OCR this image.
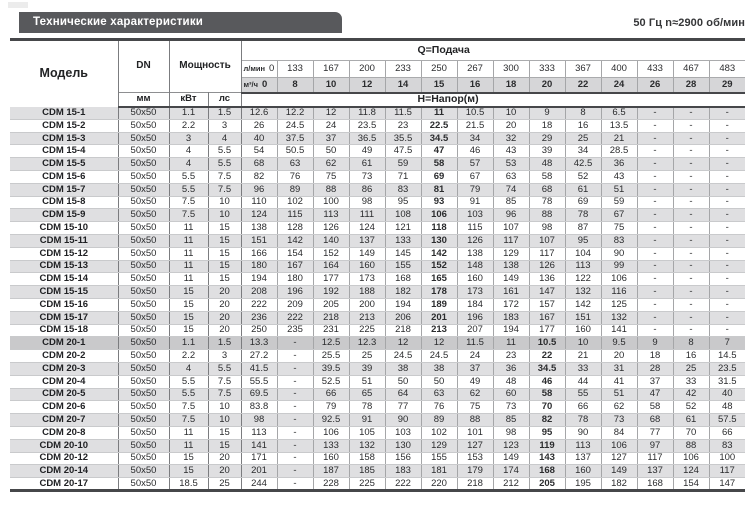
Технические характеристики	50 Гц n≈2900 об/мин
Модель	DN	Мощность		Q=Подача													
				л/мин 0	133	167	200	233	250	267	300	333	367	400	433	467	483
				м³/ч 0	8	10	12	14	15	16	18	20	22	24	26	28	29
	мм	кВт	лс	H=Напор(м)													
CDM 15-1	50x50	1.1	1.5	12.6	12.2	12	11.8	11.5	11	10.5	10	9	8	6.5	-	-	-
CDM 15-2	50x50	2.2	3	26	24.5	24	23.5	23	22.5	21.5	20	18	16	13.5	-	-	-
CDM 15-3	50x50	3	4	40	37.5	37	36.5	35.5	34.5	34	32	29	25	21	-	-	-
CDM 15-4	50x50	4	5.5	54	50.5	50	49	47.5	47	46	43	39	34	28.5	-	-	-
CDM 15-5	50x50	4	5.5	68	63	62	61	59	58	57	53	48	42.5	36	-	-	-
CDM 15-6	50x50	5.5	7.5	82	76	75	73	71	69	67	63	58	52	43	-	-	-
CDM 15-7	50x50	5.5	7.5	96	89	88	86	83	81	79	74	68	61	51	-	-	-
CDM 15-8	50x50	7.5	10	110	102	100	98	95	93	91	85	78	69	59	-	-	-
CDM 15-9	50x50	7.5	10	124	115	113	111	108	106	103	96	88	78	67	-	-	-
CDM 15-10	50x50	11	15	138	128	126	124	121	118	115	107	98	87	75	-	-	-
CDM 15-11	50x50	11	15	151	142	140	137	133	130	126	117	107	95	83	-	-	-
CDM 15-12	50x50	11	15	166	154	152	149	145	142	138	129	117	104	90	-	-	-
CDM 15-13	50x50	11	15	180	167	164	160	155	152	148	138	126	113	99	-	-	-
CDM 15-14	50x50	11	15	194	180	177	173	168	165	160	149	136	122	106	-	-	-
CDM 15-15	50x50	15	20	208	196	192	188	182	178	173	161	147	132	116	-	-	-
CDM 15-16	50x50	15	20	222	209	205	200	194	189	184	172	157	142	125	-	-	-
CDM 15-17	50x50	15	20	236	222	218	213	206	201	196	183	167	151	132	-	-	-
CDM 15-18	50x50	15	20	250	235	231	225	218	213	207	194	177	160	141	-	-	-
CDM 20-1	50x50	1.1	1.5	13.3	-	12.5	12.3	12	12	11.5	11	10.5	10	9.5	9	8	7
CDM 20-2	50x50	2.2	3	27.2	-	25.5	25	24.5	24.5	24	23	22	21	20	18	16	14.5
CDM 20-3	50x50	4	5.5	41.5	-	39.5	39	38	38	37	36	34.5	33	31	28	25	23.5
CDM 20-4	50x50	5.5	7.5	55.5	-	52.5	51	50	50	49	48	46	44	41	37	33	31.5
CDM 20-5	50x50	5.5	7.5	69.5	-	66	65	64	63	62	60	58	55	51	47	42	40
CDM 20-6	50x50	7.5	10	83.8	-	79	78	77	76	75	73	70	66	62	58	52	48
CDM 20-7	50x50	7.5	10	98	-	92.5	91	90	89	88	85	82	78	73	68	61	57.5
CDM 20-8	50x50	11	15	113	-	106	105	103	102	101	98	95	90	84	77	70	66
CDM 20-10	50x50	11	15	141	-	133	132	130	129	127	123	119	113	106	97	88	83
CDM 20-12	50x50	15	20	171	-	160	158	156	155	153	149	143	137	127	117	106	100
CDM 20-14	50x50	15	20	201	-	187	185	183	181	179	174	168	160	149	137	124	117
CDM 20-17	50x50	18.5	25	244	-	228	225	222	220	218	212	205	195	182	168	154	147
